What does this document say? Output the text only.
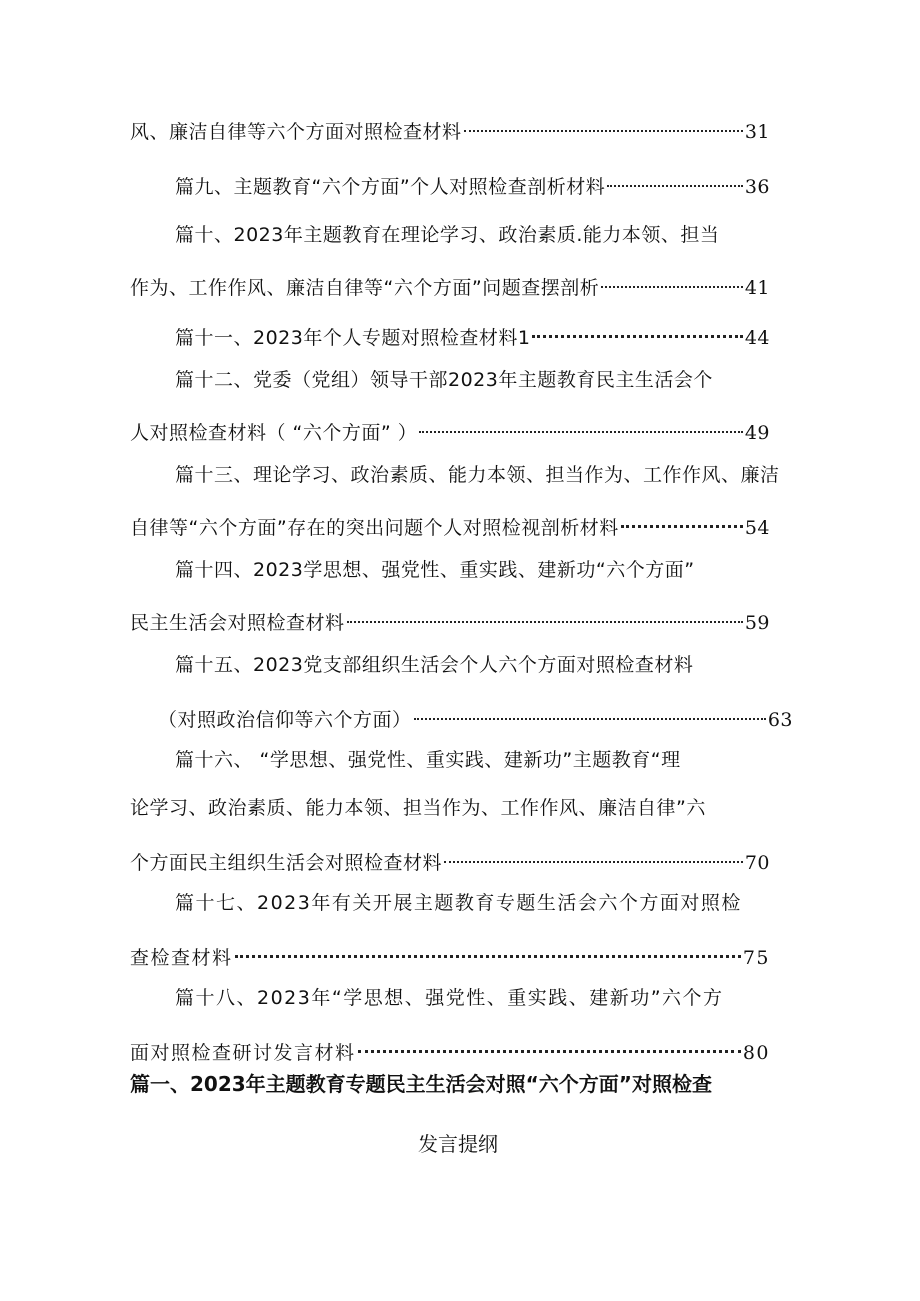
风、廉洁自律等六个方面对照检查材料	31
篇九、主题教育“六个方面”个人对照检查剖析材料	36
篇十、2023年主题教育在理论学习、政治素质.能力本领、担当
作为、工作作风、廉洁自律等“六个方面”问题查摆剖析	41
篇十一、2023年个人专题对照检查材料1	44
篇十二、党委（党组）领导干部2023年主题教育民主生活会个
人对照检查材料（ “六个方面” ）	49
篇十三、理论学习、政治素质、能力本领、担当作为、工作作风、廉洁
自律等“六个方面”存在的突出问题个人对照检视剖析材料	54
篇十四、2023学思想、强党性、重实践、建新功“六个方面”
民主生活会对照检查材料	59
篇十五、2023党支部组织生活会个人六个方面对照检查材料
（对照政治信仰等六个方面）	63
篇十六、 “学思想、强党性、重实践、建新功”主题教育“理
论学习、政治素质、能力本领、担当作为、工作作风、廉洁自律”六
个方面民主组织生活会对照检查材料	70
篇十七、2023年有关开展主题教育专题生活会六个方面对照检
查检查材料	75
篇十八、2023年“学思想、强党性、重实践、建新功”六个方
面对照检查研讨发言材料	80
篇一、2023年主题教育专题民主生活会对照“六个方面”对照检查
发言提纲
